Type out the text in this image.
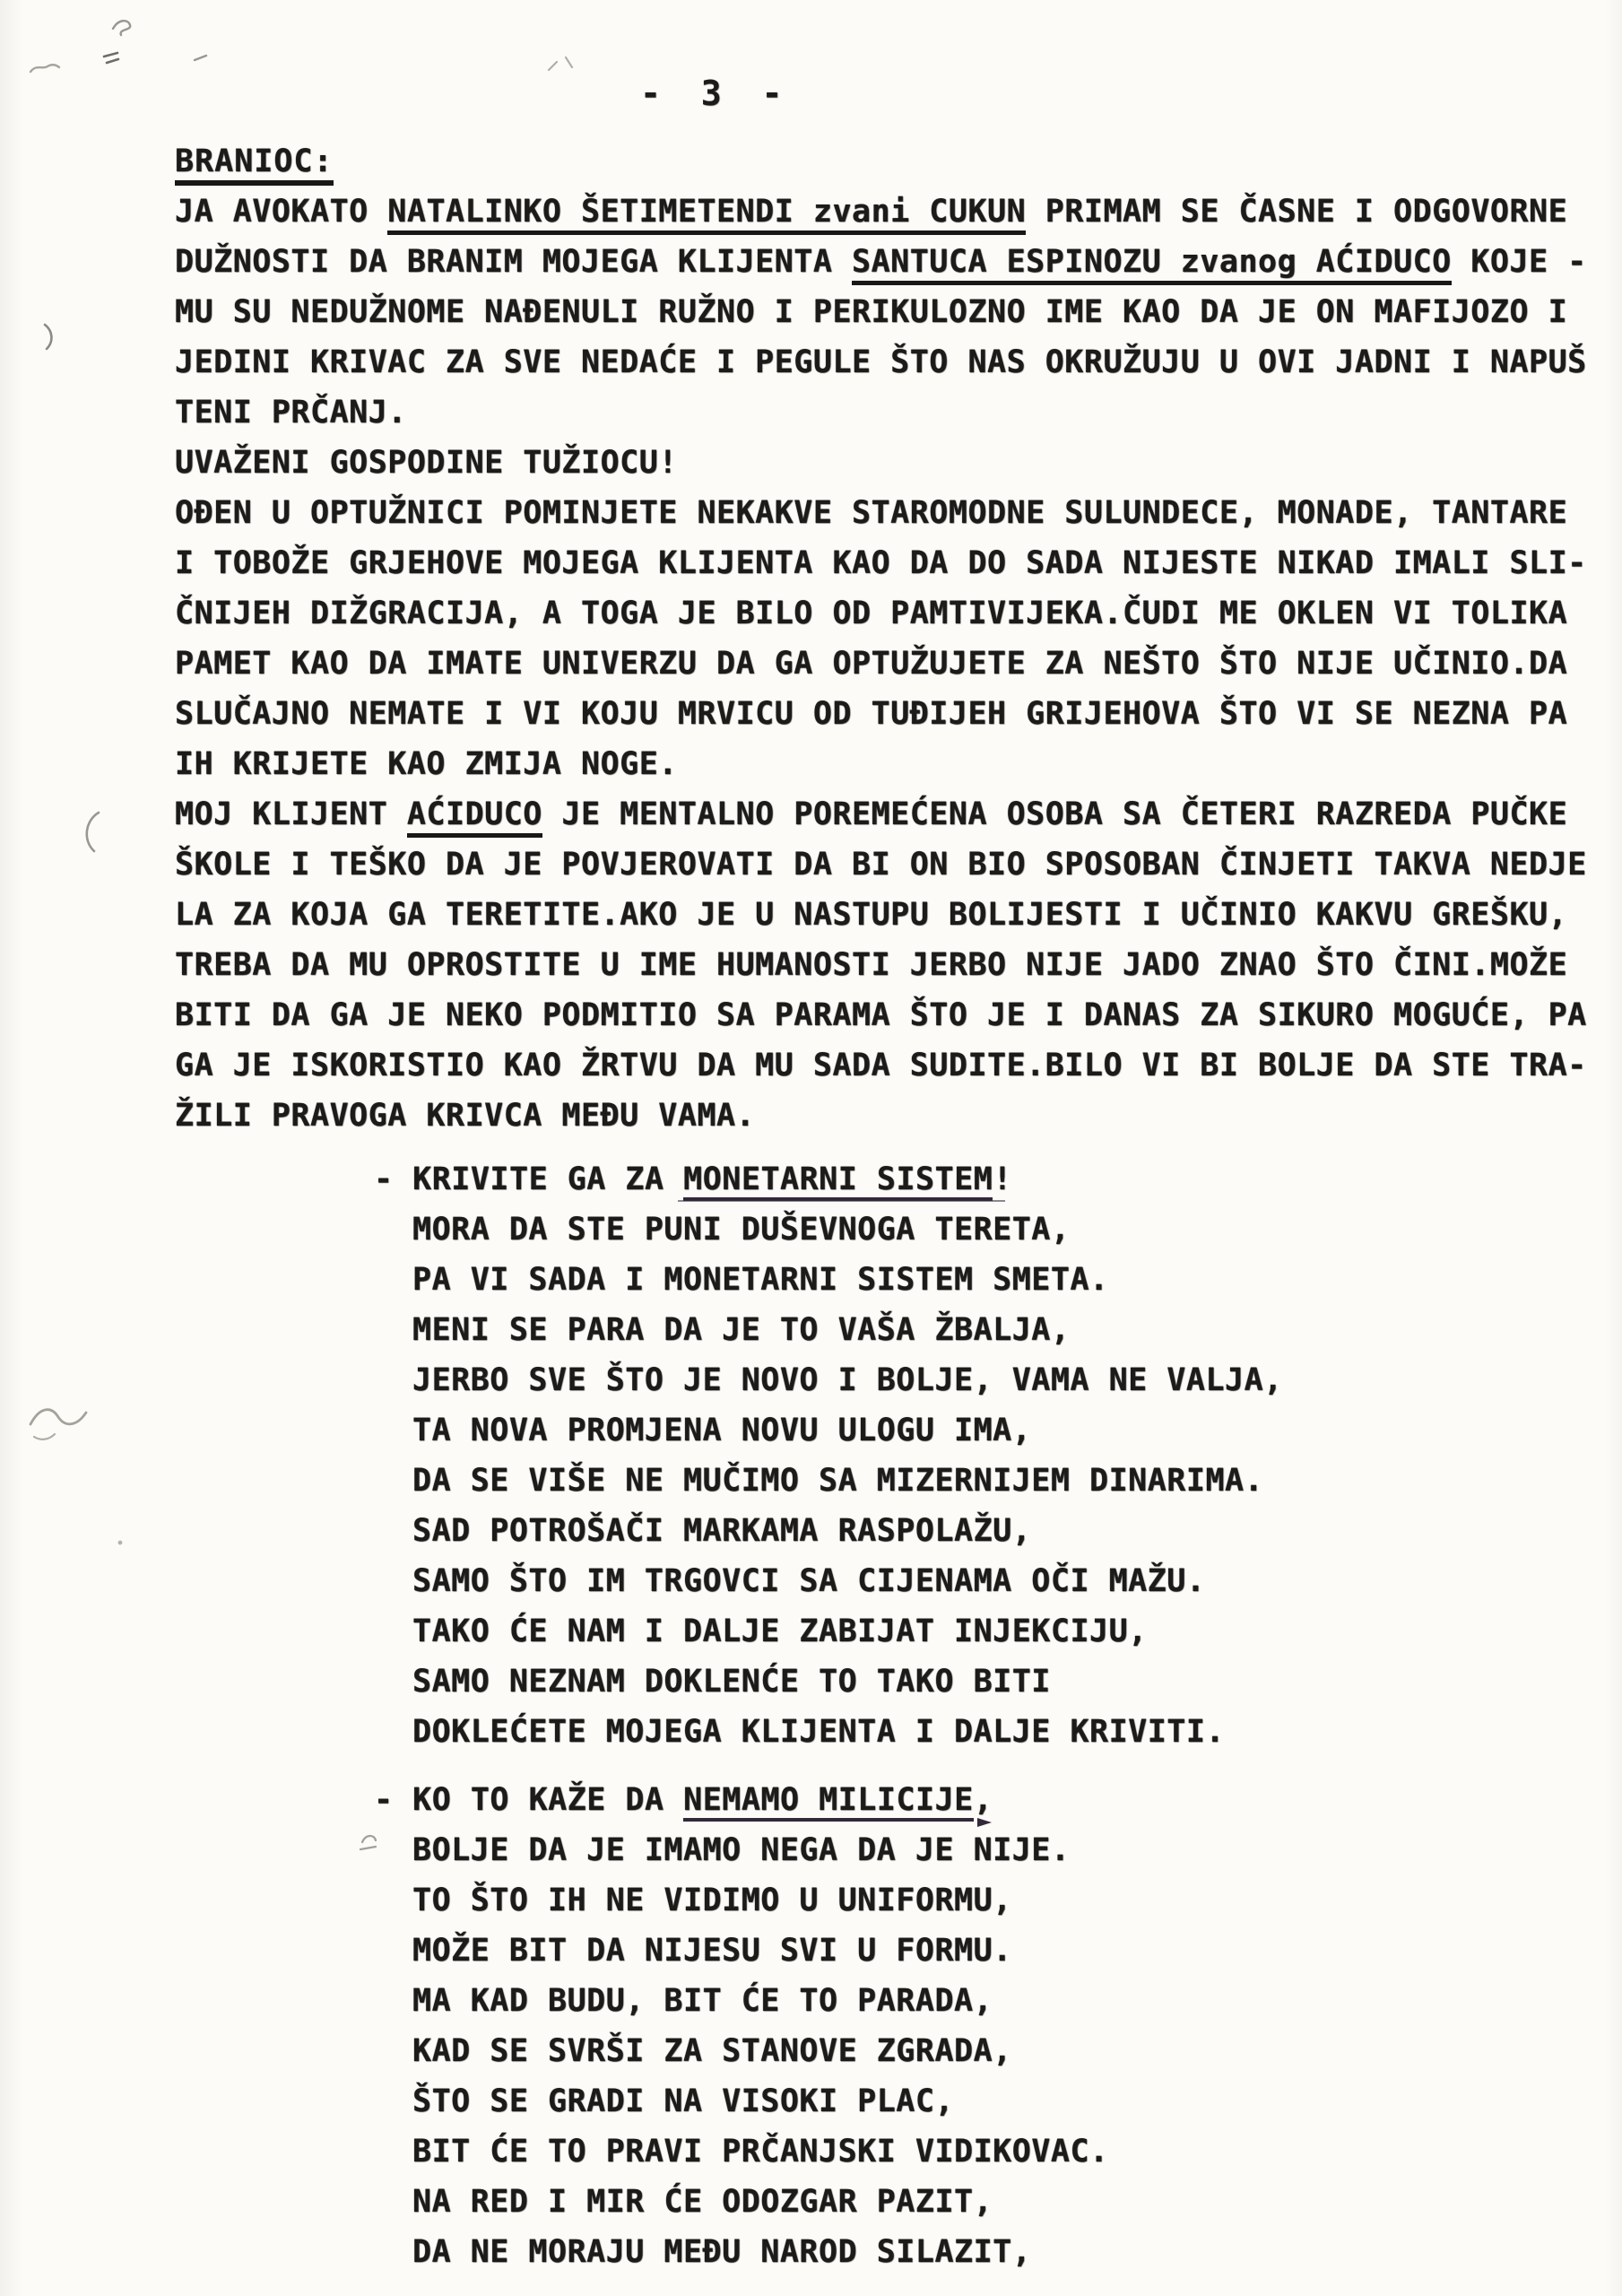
- 3 -
BRANIOC:
JA AVOKATO NATALINKO ŠETIMETENDI zvani CUKUN PRIMAM SE ČASNE I ODGOVORNE
DUŽNOSTI DA BRANIM MOJEGA KLIJENTA SANTUCA ESPINOZU zvanog AĆIDUCO KOJE -
MU SU NEDUŽNOME NAĐENULI RUŽNO I PERIKULOZNO IME KAO DA JE ON MAFIJOZO I
JEDINI KRIVAC ZA SVE NEDAĆE I PEGULE ŠTO NAS OKRUŽUJU U OVI JADNI I NAPUŠ
TENI PRČANJ.
UVAŽENI GOSPODINE TUŽIOCU!
OĐEN U OPTUŽNICI POMINJETE NEKAKVE STAROMODNE SULUNDECE, MONADE, TANTARE
I TOBOŽE GRJEHOVE MOJEGA KLIJENTA KAO DA DO SADA NIJESTE NIKAD IMALI SLI-
ČNIJEH DIŽGRACIJA, A TOGA JE BILO OD PAMTIVIJEKA.ČUDI ME OKLEN VI TOLIKA
PAMET KAO DA IMATE UNIVERZU DA GA OPTUŽUJETE ZA NEŠTO ŠTO NIJE UČINIO.DA
SLUČAJNO NEMATE I VI KOJU MRVICU OD TUĐIJEH GRIJEHOVA ŠTO VI SE NEZNA PA
IH KRIJETE KAO ZMIJA NOGE.
MOJ KLIJENT AĆIDUCO JE MENTALNO POREMEĆENA OSOBA SA ČETERI RAZREDA PUČKE
ŠKOLE I TEŠKO DA JE POVJEROVATI DA BI ON BIO SPOSOBAN ČINJETI TAKVA NEDJE
LA ZA KOJA GA TERETITE.AKO JE U NASTUPU BOLIJESTI I UČINIO KAKVU GREŠKU,
TREBA DA MU OPROSTITE U IME HUMANOSTI JERBO NIJE JADO ZNAO ŠTO ČINI.MOŽE
BITI DA GA JE NEKO PODMITIO SA PARAMA ŠTO JE I DANAS ZA SIKURO MOGUĆE, PA
GA JE ISKORISTIO KAO ŽRTVU DA MU SADA SUDITE.BILO VI BI BOLJE DA STE TRA-
ŽILI PRAVOGA KRIVCA MEĐU VAMA.
- KRIVITE GA ZA MONETARNI SISTEM!
MORA DA STE PUNI DUŠEVNOGA TERETA,
PA VI SADA I MONETARNI SISTEM SMETA.
MENI SE PARA DA JE TO VAŠA ŽBALJA,
JERBO SVE ŠTO JE NOVO I BOLJE, VAMA NE VALJA,
TA NOVA PROMJENA NOVU ULOGU IMA,
DA SE VIŠE NE MUČIMO SA MIZERNIJEM DINARIMA.
SAD POTROŠAČI MARKAMA RASPOLAŽU,
SAMO ŠTO IM TRGOVCI SA CIJENAMA OČI MAŽU.
TAKO ĆE NAM I DALJE ZABIJAT INJEKCIJU,
SAMO NEZNAM DOKLENĆE TO TAKO BITI
DOKLEĆETE MOJEGA KLIJENTA I DALJE KRIVITI.
- KO TO KAŽE DA NEMAMO MILICIJE,
BOLJE DA JE IMAMO NEGA DA JE NIJE.
TO ŠTO IH NE VIDIMO U UNIFORMU,
MOŽE BIT DA NIJESU SVI U FORMU.
MA KAD BUDU, BIT ĆE TO PARADA,
KAD SE SVRŠI ZA STANOVE ZGRADA,
ŠTO SE GRADI NA VISOKI PLAC,
BIT ĆE TO PRAVI PRČANJSKI VIDIKOVAC.
NA RED I MIR ĆE ODOZGAR PAZIT,
DA NE MORAJU MEĐU NAROD SILAZIT,
